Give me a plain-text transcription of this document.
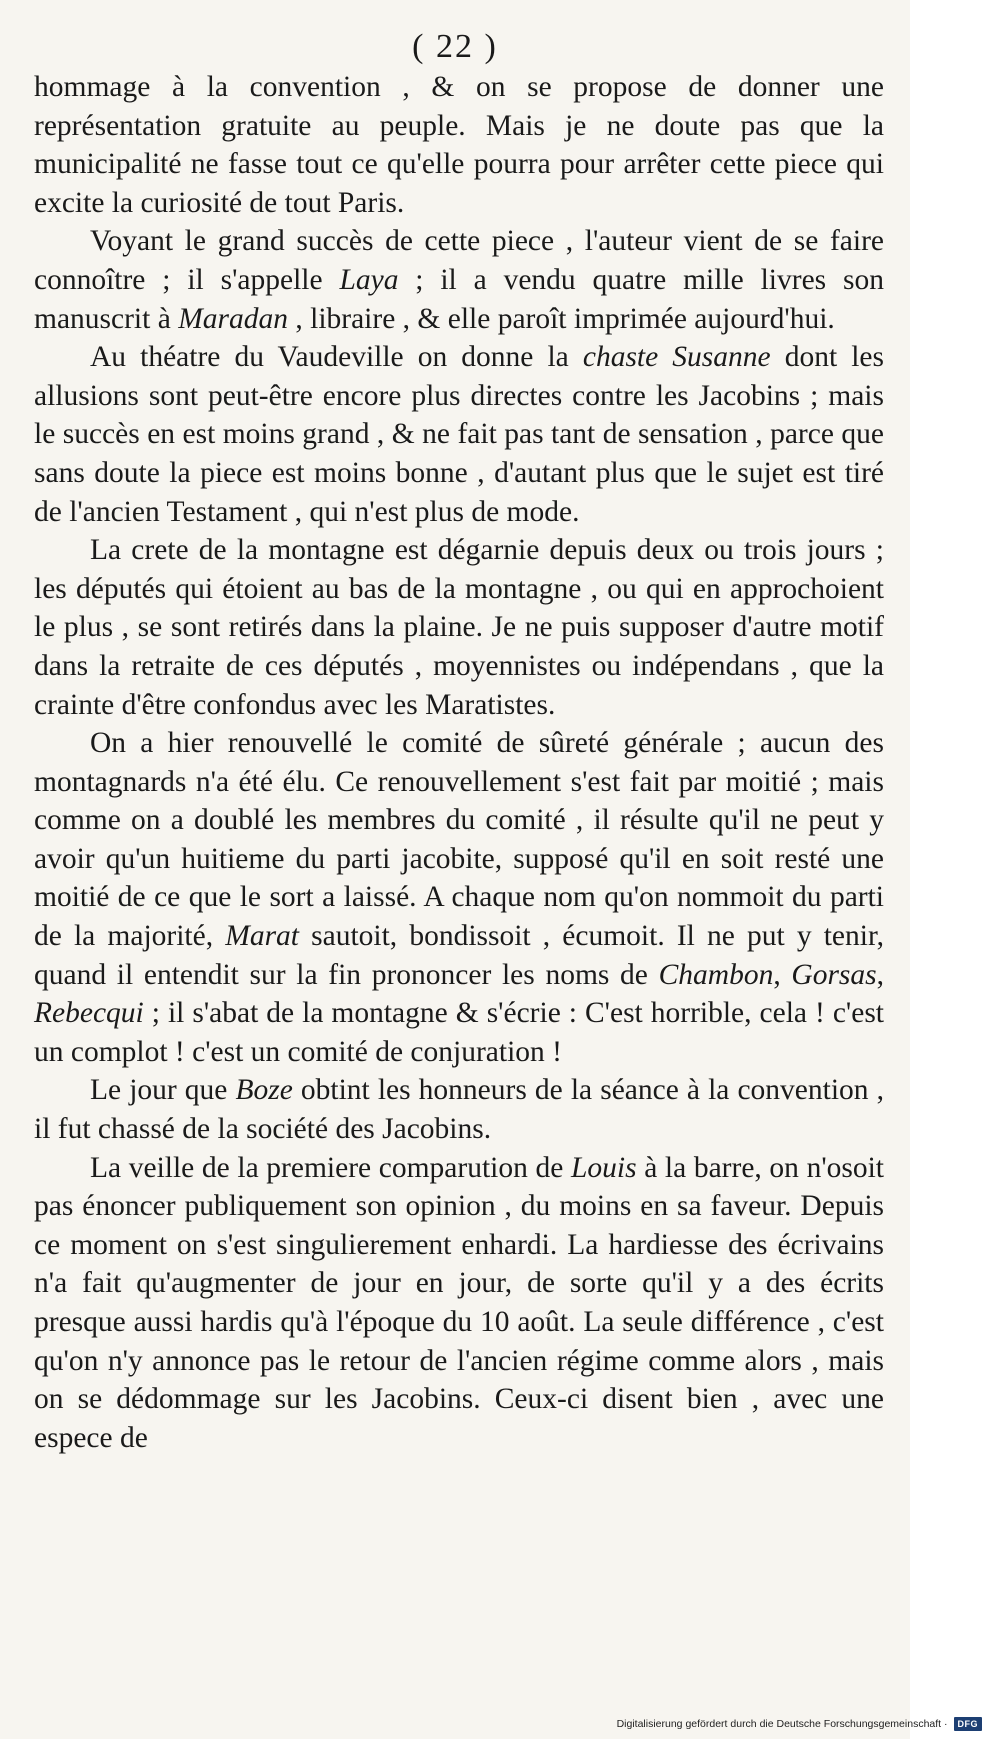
( 22 )

hommage à la convention , & on se propose de donner une représentation gratuite au peuple. Mais je ne doute pas que la municipalité ne fasse tout ce qu'elle pourra pour arrêter cette piece qui excite la curiosité de tout Paris.

Voyant le grand succès de cette piece , l'auteur vient de se faire connoître ; il s'appelle Laya ; il a vendu quatre mille livres son manuscrit à Maradan , libraire , & elle paroît imprimée aujourd'hui.

Au théatre du Vaudeville on donne la chaste Susanne dont les allusions sont peut-être encore plus directes contre les Jacobins ; mais le succès en est moins grand , & ne fait pas tant de sensation , parce que sans doute la piece est moins bonne , d'autant plus que le sujet est tiré de l'ancien Testament , qui n'est plus de mode.

La crete de la montagne est dégarnie depuis deux ou trois jours ; les députés qui étoient au bas de la montagne , ou qui en approchoient le plus , se sont retirés dans la plaine. Je ne puis supposer d'autre motif dans la retraite de ces députés , moyennistes ou indépendans , que la crainte d'être confondus avec les Maratistes.

On a hier renouvellé le comité de sûreté générale ; aucun des montagnards n'a été élu. Ce renouvellement s'est fait par moitié ; mais comme on a doublé les membres du comité , il résulte qu'il ne peut y avoir qu'un huitieme du parti jacobite, supposé qu'il en soit resté une moitié de ce que le sort a laissé. A chaque nom qu'on nommoit du parti de la majorité, Marat sautoit, bondissoit , écumoit. Il ne put y tenir, quand il entendit sur la fin prononcer les noms de Chambon, Gorsas, Rebecqui ; il s'abat de la montagne & s'écrie : C'est horrible, cela ! c'est un complot ! c'est un comité de conjuration !

Le jour que Boze obtint les honneurs de la séance à la convention , il fut chassé de la société des Jacobins.

La veille de la premiere comparution de Louis à la barre, on n'osoit pas énoncer publiquement son opinion , du moins en sa faveur. Depuis ce moment on s'est singulierement enhardi. La hardiesse des écrivains n'a fait qu'augmenter de jour en jour, de sorte qu'il y a des écrits presque aussi hardis qu'à l'époque du 10 août. La seule différence , c'est qu'on n'y annonce pas le retour de l'ancien régime comme alors , mais on se dédommage sur les Jacobins. Ceux-ci disent bien , avec une espece de

Digitalisierung gefördert durch die Deutsche Forschungsgemeinschaft ·	DFG
